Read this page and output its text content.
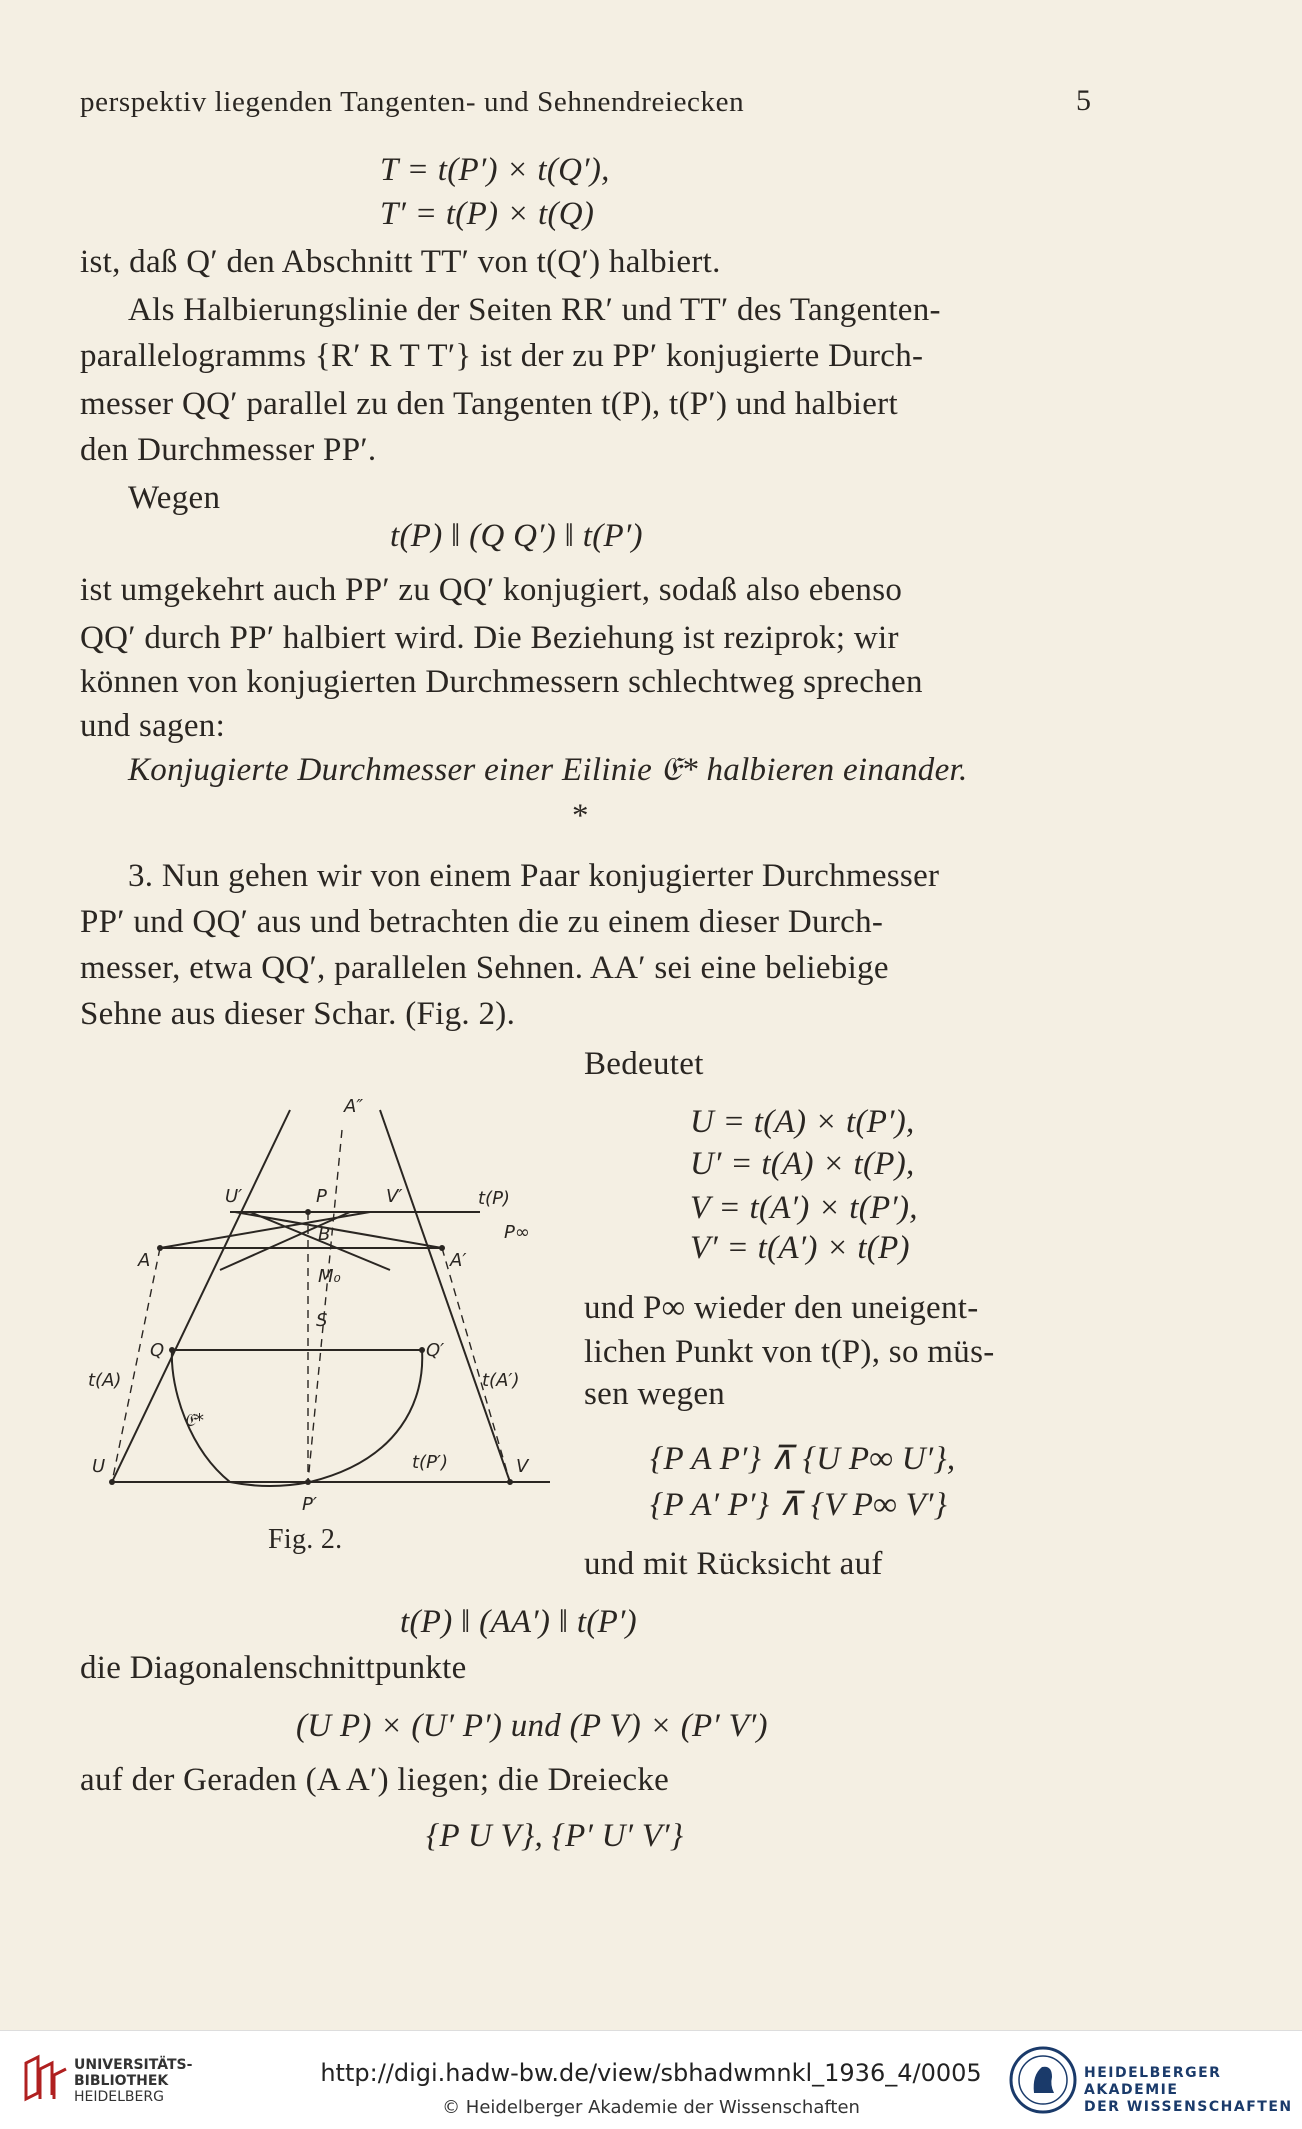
perspektiv liegenden Tangenten- und Sehnendreiecken	5
T = t(P′) × t(Q′),
T′ = t(P) × t(Q)
ist, daß Q′ den Abschnitt TT′ von t(Q′) halbiert.
Als Halbierungslinie der Seiten RR′ und TT′ des Tangenten-
parallelogramms {R′ R T T′} ist der zu PP′ konjugierte Durch-
messer QQ′ parallel zu den Tangenten t(P), t(P′) und halbiert
den Durchmesser PP′.
Wegen
t(P) ‖ (Q Q′) ‖ t(P′)
ist umgekehrt auch PP′ zu QQ′ konjugiert, sodaß also ebenso
QQ′ durch PP′ halbiert wird. Die Beziehung ist reziprok; wir
können von konjugierten Durchmessern schlechtweg sprechen
und sagen:
Konjugierte Durchmesser einer Eilinie 𝔈* halbieren einander.
*
3. Nun gehen wir von einem Paar konjugierter Durchmesser
PP′ und QQ′ aus und betrachten die zu einem dieser Durch-
messer, etwa QQ′, parallelen Sehnen. AA′ sei eine beliebige
Sehne aus dieser Schar. (Fig. 2).
Bedeutet
U = t(A) × t(P′),
U′ = t(A) × t(P),
V = t(A′) × t(P′),
V′ = t(A′) × t(P)
und P∞ wieder den uneigent-
lichen Punkt von t(P), so müs-
sen wegen
{P A P′} ⊼ {U P∞ U′},
{P A′ P′} ⊼ {V P∞ V′}
und mit Rücksicht auf
t(P) ‖ (AA′) ‖ t(P′)
die Diagonalenschnittpunkte
(U P) × (U′ P′) und (P V) × (P′ V′)
auf der Geraden (A A′) liegen; die Dreiecke
{P U V}, {P′ U′ V′}
A″
U′	P	V′	t(P)
P∞
B
A	A′
M₀
S
Q	Q′
t(A)	t(A′)
𝔈*
t(P′)
U	V
P′
Fig. 2.
UNIVERSITÄTS-
BIBLIOTHEK
HEIDELBERG
http://digi.hadw-bw.de/view/sbhadwmnkl_1936_4/0005
© Heidelberger Akademie der Wissenschaften
HEIDELBERGER AKADEMIE
DER WISSENSCHAFTEN
